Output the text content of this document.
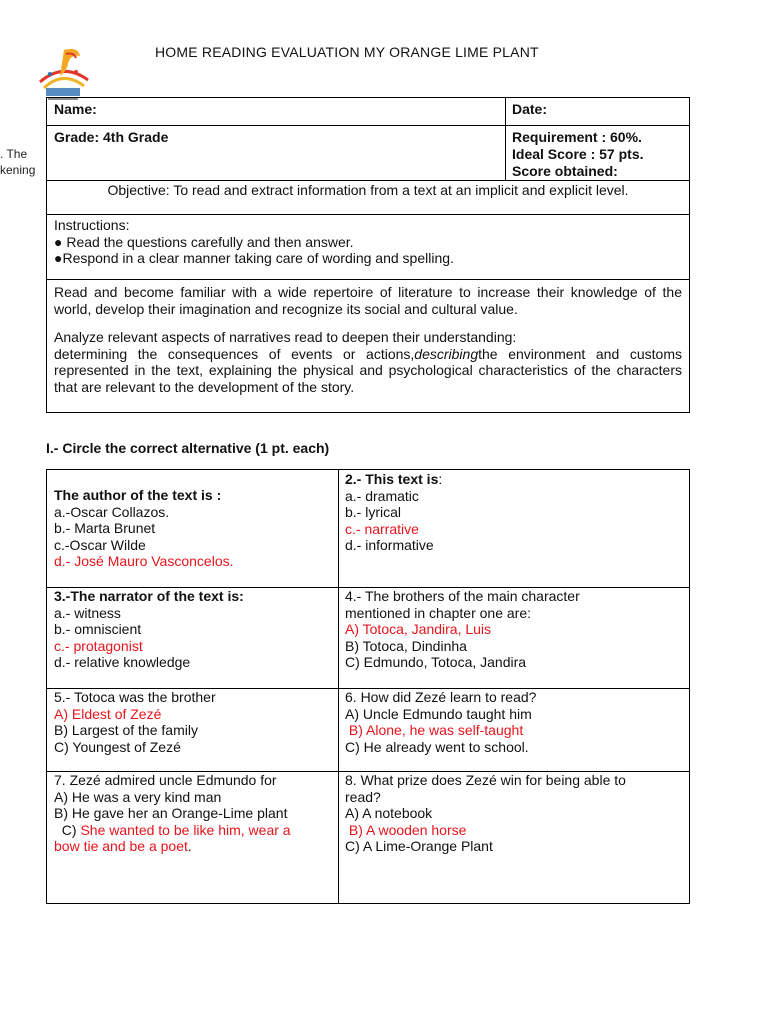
HOME READING EVALUATION MY ORANGE LIME PLANT
. The
kening
Name:	Date:
Grade: 4th Grade	Requirement : 60%.
Ideal Score : 57 pts.
Score obtained:
Objective: To read and extract information from a text at an implicit and explicit level.
Instructions:
● Read the questions carefully and then answer.
●Respond in a clear manner taking care of wording and spelling.

Read and become familiar with a wide repertoire of literature to increase their knowledge of the world, develop their imagination and recognize its social and cultural value.

Analyze relevant aspects of narratives read to deepen their understanding:

determining the consequences of events or actions,describingthe environment and customs represented in the text, explaining the physical and psychological characteristics of the characters that are relevant to the development of the story.

I.- Circle the correct alternative (1 pt. each)
The author of the text is :
a.-Oscar Collazos.
b.- Marta Brunet
c.-Oscar Wilde
d.- José Mauro Vasconcelos.
2.- This text is:
a.- dramatic
b.- lyrical
c.- narrative
d.- informative
3.-The narrator of the text is:
a.- witness
b.- omniscient
c.- protagonist
d.- relative knowledge
4.- The brothers of the main character
mentioned in chapter one are:
A) Totoca, Jandira, Luis
B) Totoca, Dindinha
C) Edmundo, Totoca, Jandira
5.- Totoca was the brother
A) Eldest of Zezé
B) Largest of the family
C) Youngest of Zezé
6. How did Zezé learn to read?
A) Uncle Edmundo taught him
B) Alone, he was self-taught
C) He already went to school.
7. Zezé admired uncle Edmundo for
A) He was a very kind man
B) He gave her an Orange-Lime plant
C) She wanted to be like him, wear a
bow tie and be a poet.
8. What prize does Zezé win for being able to
read?
A) A notebook
B) A wooden horse
C) A Lime-Orange Plant
